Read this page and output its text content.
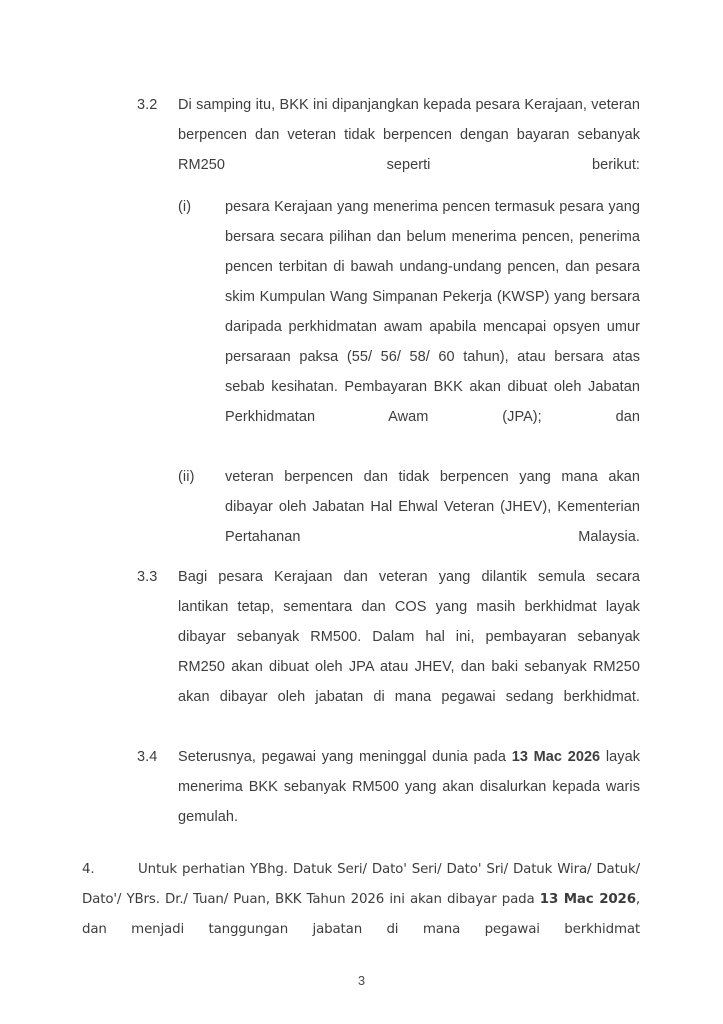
3.2	Di samping itu, BKK ini dipanjangkan kepada pesara Kerajaan, veteran berpencen dan veteran tidak berpencen dengan bayaran sebanyak RM250 seperti berikut:
(i)	pesara Kerajaan yang menerima pencen termasuk pesara yang bersara secara pilihan dan belum menerima pencen, penerima pencen terbitan di bawah undang-undang pencen, dan pesara skim Kumpulan Wang Simpanan Pekerja (KWSP) yang bersara daripada perkhidmatan awam apabila mencapai opsyen umur persaraan paksa (55/ 56/ 58/ 60 tahun), atau bersara atas sebab kesihatan. Pembayaran BKK akan dibuat oleh Jabatan Perkhidmatan Awam (JPA); dan
(ii)	veteran berpencen dan tidak berpencen yang mana akan dibayar oleh Jabatan Hal Ehwal Veteran (JHEV), Kementerian Pertahanan Malaysia.
3.3	Bagi pesara Kerajaan dan veteran yang dilantik semula secara lantikan tetap, sementara dan COS yang masih berkhidmat layak dibayar sebanyak RM500. Dalam hal ini, pembayaran sebanyak RM250 akan dibuat oleh JPA atau JHEV, dan baki sebanyak RM250 akan dibayar oleh jabatan di mana pegawai sedang berkhidmat.
3.4	Seterusnya, pegawai yang meninggal dunia pada 13 Mac 2026 layak menerima BKK sebanyak RM500 yang akan disalurkan kepada waris gemulah.
4.	Untuk perhatian YBhg. Datuk Seri/ Dato' Seri/ Dato' Sri/ Datuk Wira/ Datuk/ Dato'/ YBrs. Dr./ Tuan/ Puan, BKK Tahun 2026 ini akan dibayar pada 13 Mac 2026, dan menjadi tanggungan jabatan di mana pegawai berkhidmat
3
